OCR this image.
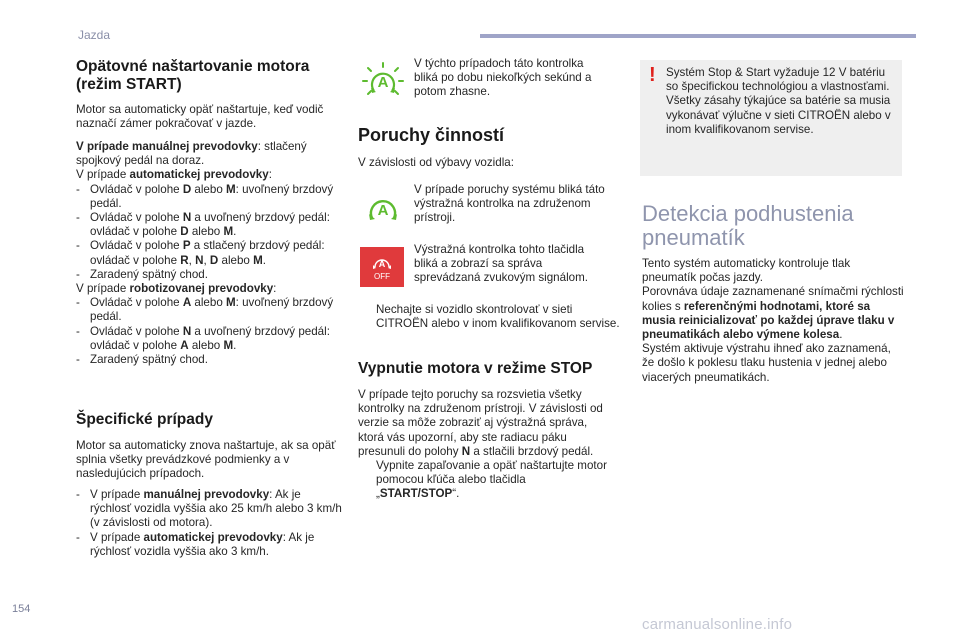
Jazda
Opätovné naštartovanie motora (režim START)
Motor sa automaticky opäť naštartuje, keď vodič naznačí zámer pokračovať v jazde.

V prípade manuálnej prevodovky: stlačený spojkový pedál na doraz.

V prípade automatickej prevodovky:

- Ovládač v polohe D alebo M: uvoľnený brzdový pedál.
- Ovládač v polohe N a uvoľnený brzdový pedál: ovládač v polohe D alebo M.
- Ovládač v polohe P a stlačený brzdový pedál: ovládač v polohe R, N, D alebo M.
- Zaradený spätný chod.

V prípade robotizovanej prevodovky:

- Ovládač v polohe A alebo M: uvoľnený brzdový pedál.
- Ovládač v polohe N a uvoľnený brzdový pedál: ovládač v polohe A alebo M.
- Zaradený spätný chod.
Špecifické prípady
Motor sa automaticky znova naštartuje, ak sa opäť splnia všetky prevádzkové podmienky a v nasledujúcich prípadoch.
- V prípade manuálnej prevodovky: Ak je rýchlosť vozidla vyššia ako 25 km/h alebo 3 km/h (v závislosti od motora).
- V prípade automatickej prevodovky: Ak je rýchlosť vozidla vyššia ako 3 km/h.
A
V týchto prípadoch táto kontrolka bliká po dobu niekoľkých sekúnd a potom zhasne.
Poruchy činností
V závislosti od výbavy vozidla:
A
V prípade poruchy systému bliká táto výstražná kontrolka na združenom prístroji.
A
OFF
Výstražná kontrolka tohto tlačidla bliká a zobrazí sa správa sprevádzaná zvukovým signálom.
Nechajte si vozidlo skontrolovať v sieti CITROËN alebo v inom kvalifikovanom servise.
Vypnutie motora v režime STOP

V prípade tejto poruchy sa rozsvietia všetky kontrolky na združenom prístroji. V závislosti od verzie sa môže zobraziť aj výstražná správa, ktorá vás upozorní, aby ste radiacu páku presunuli do polohy N a stlačili brzdový pedál.

Vypnite zapaľovanie a opäť naštartujte motor pomocou kľúča alebo tlačidla „START/STOP“.
! Systém Stop & Start vyžaduje 12 V batériu so špecifickou technológiou a vlastnosťami. Všetky zásahy týkajúce sa batérie sa musia vykonávať výlučne v sieti CITROËN alebo v inom kvalifikovanom servise.
Detekcia podhustenia pneumatík

Tento systém automaticky kontroluje tlak pneumatík počas jazdy.

Porovnáva údaje zaznamenané snímačmi rýchlosti kolies s referenčnými hodnotami, ktoré sa musia reinicializovať po každej úprave tlaku v pneumatikách alebo výmene kolesa.

Systém aktivuje výstrahu ihneď ako zaznamená, že došlo k poklesu tlaku hustenia v jednej alebo viacerých pneumatikách.

154
carmanualsonline.info
